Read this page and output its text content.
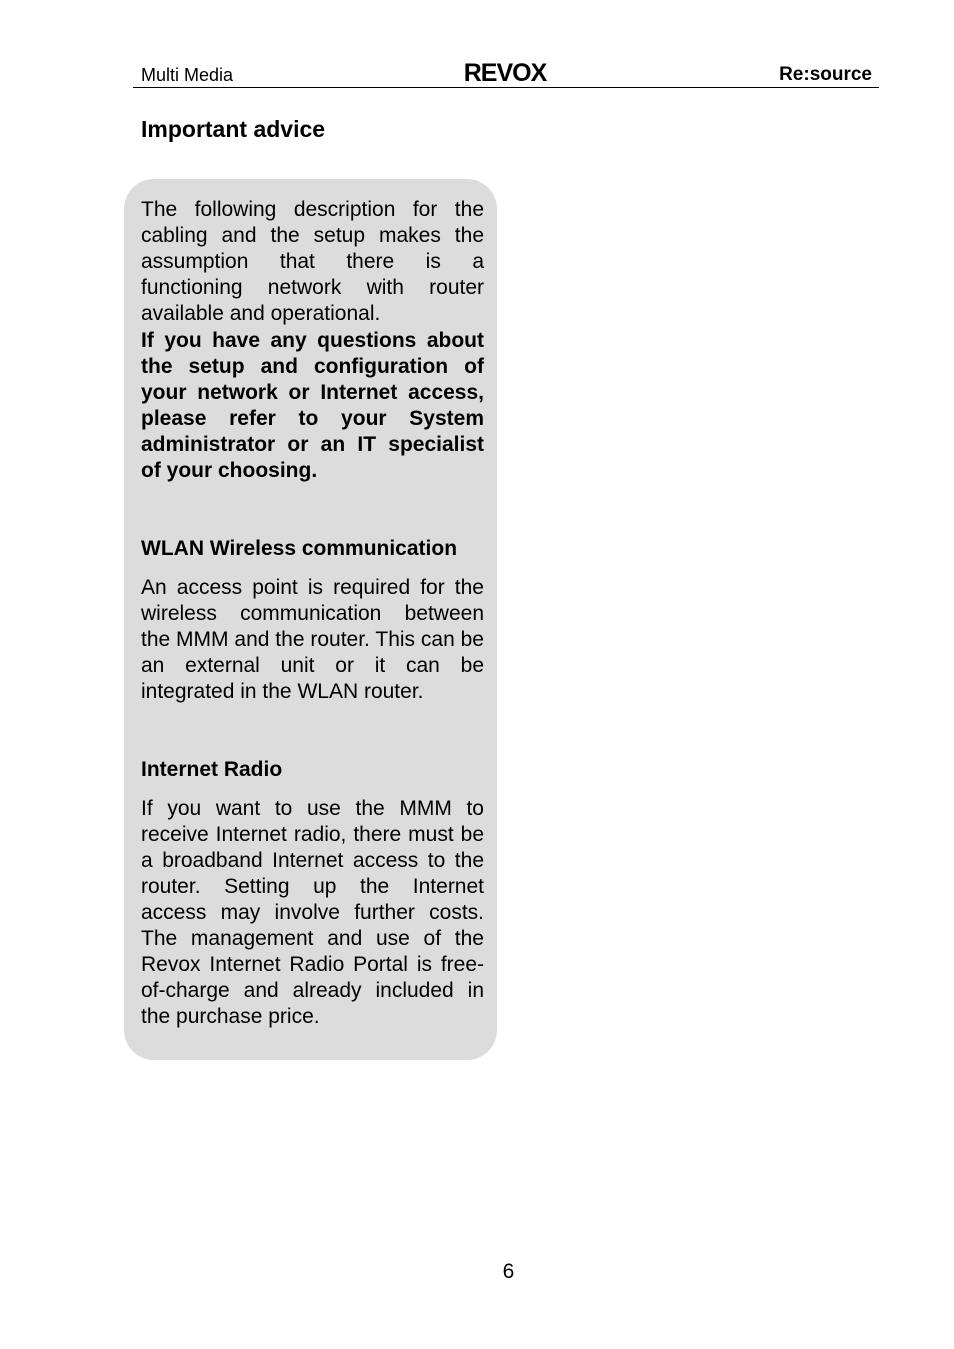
Multi Media	REVOX	Re:source
Important advice

The following description for the cabling and the setup makes the assumption that there is a functioning network with router available and operational.

If you have any questions about the setup and configuration of your network or Internet access, please refer to your System administrator or an IT specialist of your choosing.

WLAN Wireless communication

An access point is required for the wireless communication between the MMM and the router. This can be an external unit or it can be integrated in the WLAN router.

Internet Radio

If you want to use the MMM to receive Internet radio, there must be a broadband Internet access to the router. Setting up the Internet access may involve further costs. The management and use of the Revox Internet Radio Portal is free-of-charge and already included in the purchase price.

6
